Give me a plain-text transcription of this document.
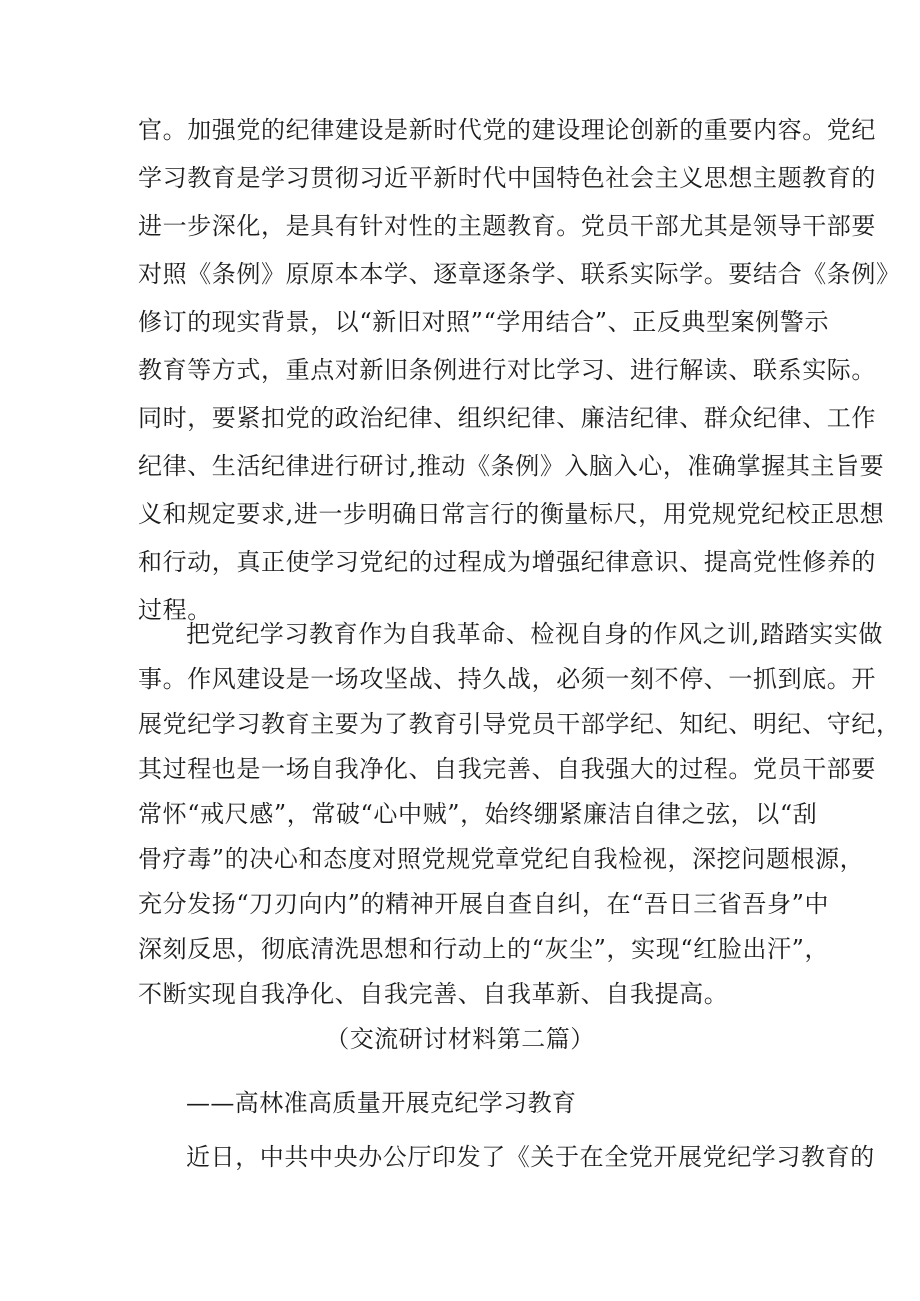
官。加强党的纪律建设是新时代党的建设理论创新的重要内容。党纪
学习教育是学习贯彻习近平新时代中国特色社会主义思想主题教育的
进一步深化，是具有针对性的主题教育。党员干部尤其是领导干部要
对照《条例》原原本本学、逐章逐条学、联系实际学。要结合《条例》
修订的现实背景，以“新旧对照”“学用结合”、正反典型案例警示
教育等方式，重点对新旧条例进行对比学习、进行解读、联系实际。
同时，要紧扣党的政治纪律、组织纪律、廉洁纪律、群众纪律、工作
纪律、生活纪律进行研讨,推动《条例》入脑入心，准确掌握其主旨要
义和规定要求,进一步明确日常言行的衡量标尺，用党规党纪校正思想
和行动，真正使学习党纪的过程成为增强纪律意识、提高党性修养的
过程。
把党纪学习教育作为自我革命、检视自身的作风之训,踏踏实实做
事。作风建设是一场攻坚战、持久战，必须一刻不停、一抓到底。开
展党纪学习教育主要为了教育引导党员干部学纪、知纪、明纪、守纪，
其过程也是一场自我净化、自我完善、自我强大的过程。党员干部要
常怀“戒尺感”，常破“心中贼”，始终绷紧廉洁自律之弦，以“刮
骨疗毒”的决心和态度对照党规党章党纪自我检视，深挖问题根源，
充分发扬“刀刃向内”的精神开展自查自纠，在“吾日三省吾身”中
深刻反思，彻底清洗思想和行动上的“灰尘”，实现“红脸出汗”，
不断实现自我净化、自我完善、自我革新、自我提高。
（交流研讨材料第二篇）
——高林准高质量开展克纪学习教育
近日，中共中央办公厅印发了《关于在全党开展党纪学习教育的
